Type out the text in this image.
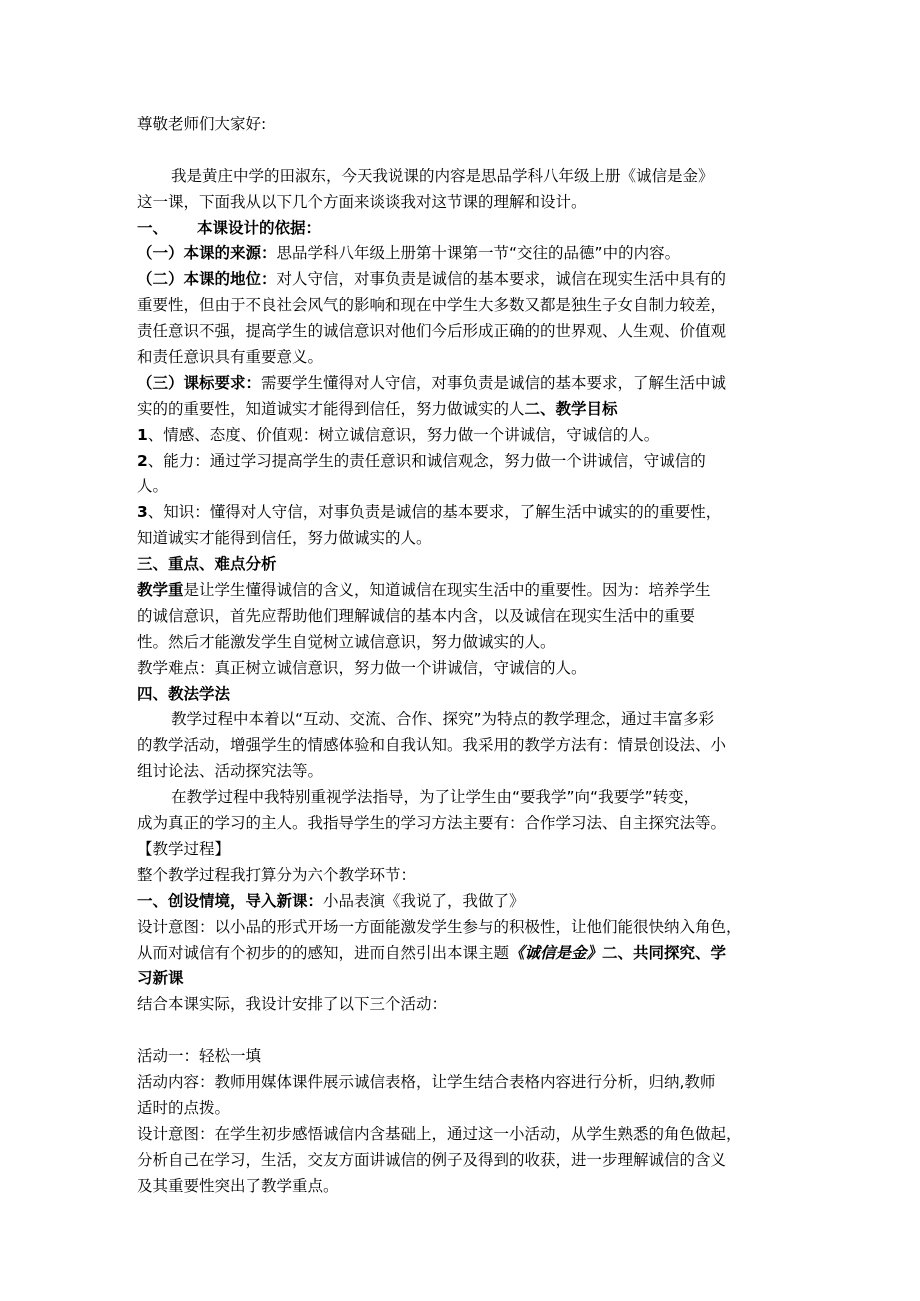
尊敬老师们大家好:
我是黄庄中学的田淑东，今天我说课的内容是思品学科八年级上册《诚信是金》
这一课，下面我从以下几个方面来谈谈我对这节课的理解和设计。
一、 本课设计的依据：
（一）本课的来源：思品学科八年级上册第十课第一节“交往的品德”中的内容。
（二）本课的地位：对人守信，对事负责是诚信的基本要求，诚信在现实生活中具有的
重要性，但由于不良社会风气的影响和现在中学生大多数又都是独生子女自制力较差，
责任意识不强，提高学生的诚信意识对他们今后形成正确的的世界观、人生观、价值观
和责任意识具有重要意义。
（三）课标要求：需要学生懂得对人守信，对事负责是诚信的基本要求，了解生活中诚
实的的重要性，知道诚实才能得到信任，努力做诚实的人二、教学目标
1、情感、态度、价值观：树立诚信意识，努力做一个讲诚信，守诚信的人。
2、能力：通过学习提高学生的责任意识和诚信观念，努力做一个讲诚信，守诚信的
人。
3、知识：懂得对人守信，对事负责是诚信的基本要求，了解生活中诚实的的重要性，
知道诚实才能得到信任，努力做诚实的人。
三、重点、难点分析
教学重是让学生懂得诚信的含义，知道诚信在现实生活中的重要性。因为：培养学生
的诚信意识，首先应帮助他们理解诚信的基本内含，以及诚信在现实生活中的重要
性。然后才能激发学生自觉树立诚信意识，努力做诚实的人。
教学难点：真正树立诚信意识，努力做一个讲诚信，守诚信的人。
四、教法学法
教学过程中本着以“互动、交流、合作、探究”为特点的教学理念，通过丰富多彩
的教学活动，增强学生的情感体验和自我认知。我采用的教学方法有：情景创设法、小
组讨论法、活动探究法等。
在教学过程中我特别重视学法指导，为了让学生由“要我学”向“我要学”转变，
成为真正的学习的主人。我指导学生的学习方法主要有：合作学习法、自主探究法等。
【教学过程】
整个教学过程我打算分为六个教学环节：
一、创设情境，导入新课：小品表演《我说了，我做了》
设计意图：以小品的形式开场一方面能激发学生参与的积极性，让他们能很快纳入角色，
从而对诚信有个初步的的感知，进而自然引出本课主题《诚信是金》二、共同探究、学
习新课
结合本课实际，我设计安排了以下三个活动：
活动一：轻松一填
活动内容：教师用媒体课件展示诚信表格，让学生结合表格内容进行分析，归纳,教师
适时的点拨。
设计意图：在学生初步感悟诚信内含基础上，通过这一小活动，从学生熟悉的角色做起，
分析自己在学习，生活，交友方面讲诚信的例子及得到的收获，进一步理解诚信的含义
及其重要性突出了教学重点。
